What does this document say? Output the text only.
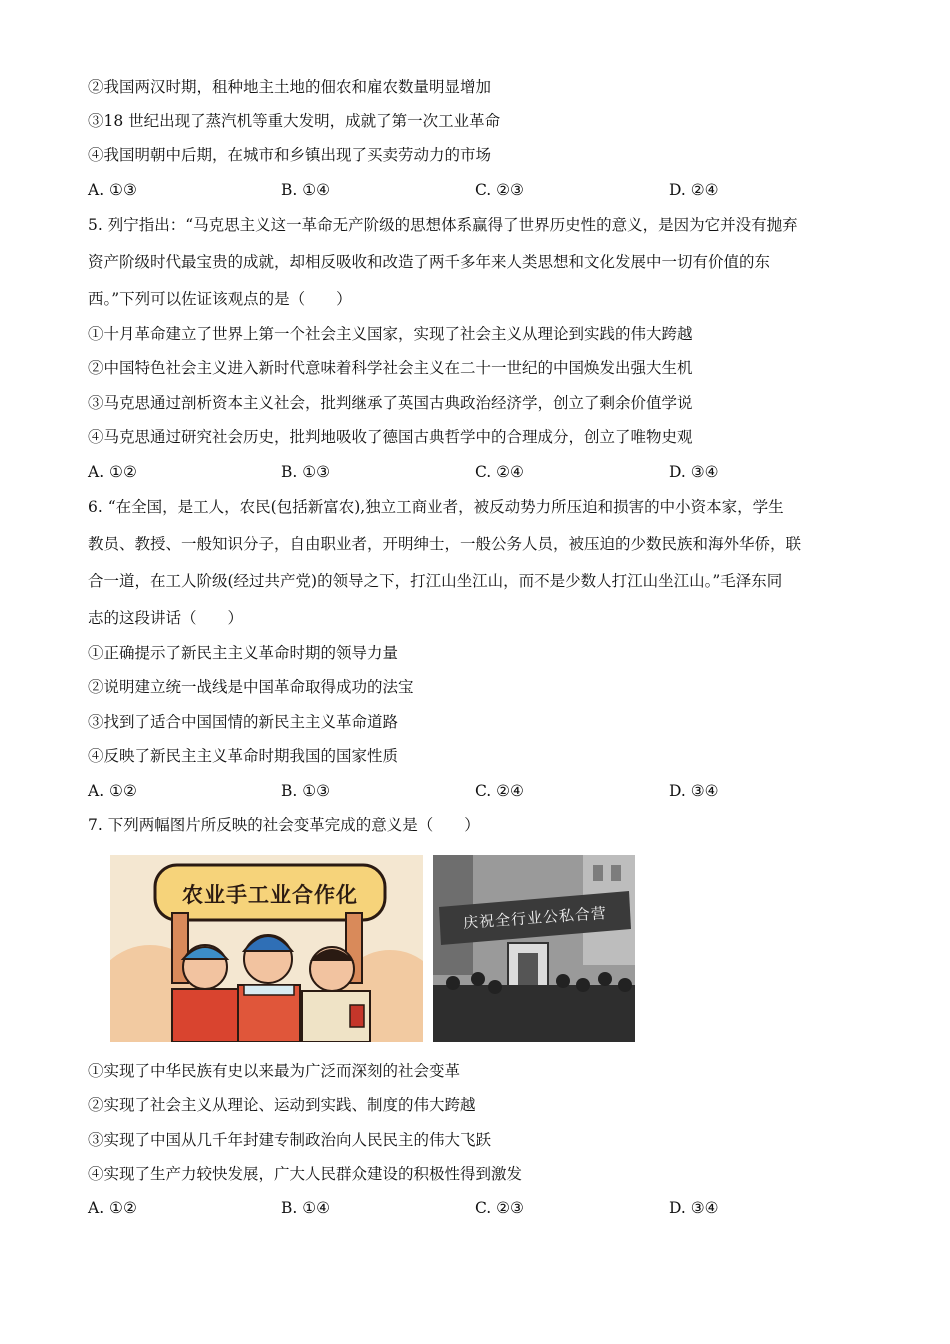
②我国两汉时期，租种地主土地的佃农和雇农数量明显增加
③18 世纪出现了蒸汽机等重大发明，成就了第一次工业革命
④我国明朝中后期，在城市和乡镇出现了买卖劳动力的市场
A. ①③	B. ①④	C. ②③	D. ②④
5. 列宁指出：“马克思主义这一革命无产阶级的思想体系赢得了世界历史性的意义，是因为它并没有抛弃
资产阶级时代最宝贵的成就，却相反吸收和改造了两千多年来人类思想和文化发展中一切有价值的东
西。”下列可以佐证该观点的是（　　）
①十月革命建立了世界上第一个社会主义国家，实现了社会主义从理论到实践的伟大跨越
②中国特色社会主义进入新时代意味着科学社会主义在二十一世纪的中国焕发出强大生机
③马克思通过剖析资本主义社会，批判继承了英国古典政治经济学，创立了剩余价值学说
④马克思通过研究社会历史，批判地吸收了德国古典哲学中的合理成分，创立了唯物史观
A. ①②	B. ①③	C. ②④	D. ③④
6. “在全国，是工人，农民(包括新富农),独立工商业者，被反动势力所压迫和损害的中小资本家，学生
教员、教授、一般知识分子，自由职业者，开明绅士，一般公务人员，被压迫的少数民族和海外华侨，联
合一道，在工人阶级(经过共产党)的领导之下，打江山坐江山，而不是少数人打江山坐江山。”毛泽东同
志的这段讲话（　　）
①正确提示了新民主主义革命时期的领导力量
②说明建立统一战线是中国革命取得成功的法宝
③找到了适合中国国情的新民主主义革命道路
④反映了新民主主义革命时期我国的国家性质
A. ①②	B. ①③	C. ②④	D. ③④
7. 下列两幅图片所反映的社会变革完成的意义是（　　）
农业手工业合作化
庆祝全行业公私合营
①实现了中华民族有史以来最为广泛而深刻的社会变革
②实现了社会主义从理论、运动到实践、制度的伟大跨越
③实现了中国从几千年封建专制政治向人民民主的伟大飞跃
④实现了生产力较快发展，广大人民群众建设的积极性得到激发
A. ①②	B. ①④	C. ②③	D. ③④
